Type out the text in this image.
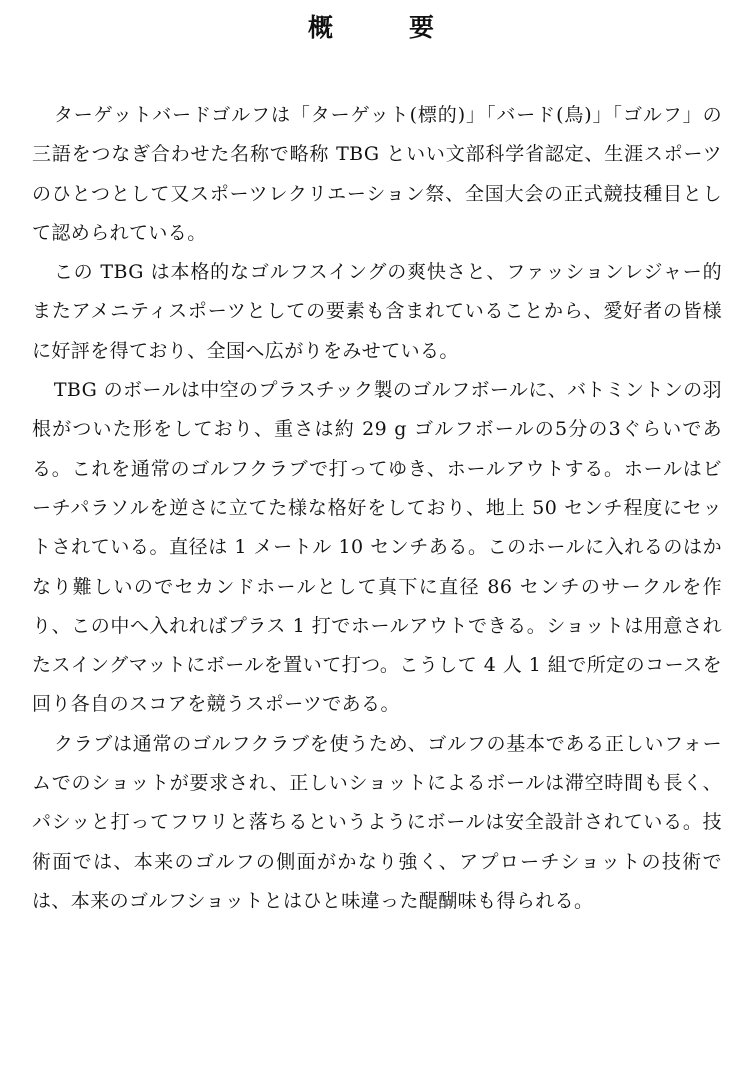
概	要

ターゲットバードゴルフは「ターゲット(標的)」「バード(鳥)」「ゴルフ」の三語をつなぎ合わせた名称で略称 TBG といい文部科学省認定、生涯スポーツのひとつとして又スポーツレクリエーション祭、全国大会の正式競技種目として認められている。

この TBG は本格的なゴルフスイングの爽快さと、ファッションレジャー的またアメニティスポーツとしての要素も含まれていることから、愛好者の皆様に好評を得ており、全国へ広がりをみせている。

TBG のボールは中空のプラスチック製のゴルフボールに、バトミントンの羽根がついた形をしており、重さは約 29 g ゴルフボールの5分の3ぐらいである。これを通常のゴルフクラブで打ってゆき、ホールアウトする。ホールはビーチパラソルを逆さに立てた様な格好をしており、地上 50 センチ程度にセットされている。直径は 1 メートル 10 センチある。このホールに入れるのはかなり難しいのでセカンドホールとして真下に直径 86 センチのサークルを作り、この中へ入れればプラス 1 打でホールアウトできる。ショットは用意されたスイングマットにボールを置いて打つ。こうして 4 人 1 組で所定のコースを回り各自のスコアを競うスポーツである。

クラブは通常のゴルフクラブを使うため、ゴルフの基本である正しいフォームでのショットが要求され、正しいショットによるボールは滞空時間も長く、パシッと打ってフワリと落ちるというようにボールは安全設計されている。技術面では、本来のゴルフの側面がかなり強く、アプローチショットの技術では、本来のゴルフショットとはひと味違った醍醐味も得られる。
